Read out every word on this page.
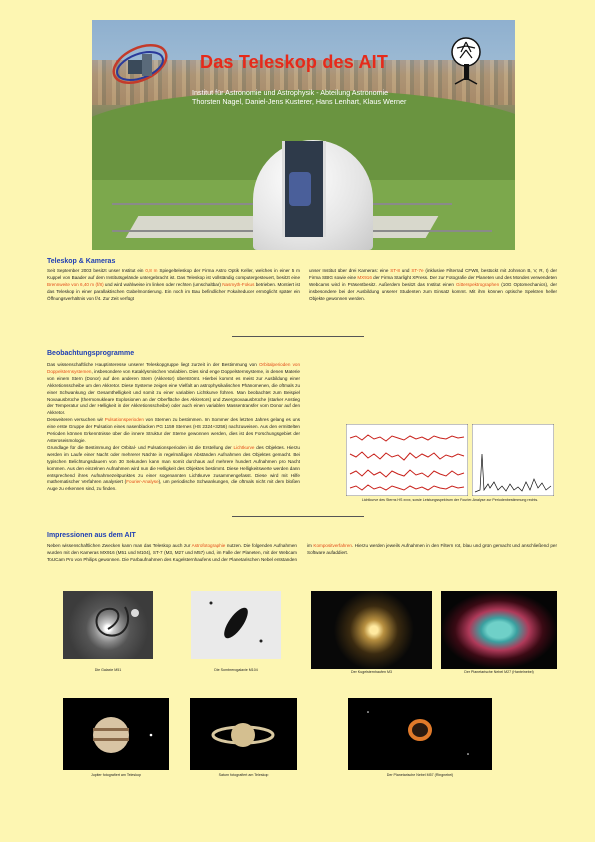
Das Teleskop des AIT
Institut für Astronomie und Astrophysik - Abteilung Astronomie
Thorsten Nagel, Daniel-Jens Kusterer, Hans Lenhart, Klaus Werner
Teleskop & Kameras
Seit September 2003 besitzt unser Institut ein 0,8 m Spiegelteleskop der Firma Astro Optik Keller, welches in einer 5 m Kuppel von Baader auf dem Institutsgelände untergebracht ist. Das Teleskop ist vollständig computergesteuert, besitzt eine Brennweite von 6,40 m (f/8) und wird wahlweise im linken oder rechten (umschaltbar) Nasmyth-Fokus betrieben. Montiert ist das Teleskop in einer parallaktischen Gabelmontierung. Ein noch im Bau befindlicher Fokalreducer ermöglicht später ein Öffnungsverhältnis von f/4. Zur Zeit verfügt
unser Institut über drei Kameras: eine ST-8 und ST-7e (inklusive Filterrad CFW8, bestückt mit Johnson B, V, R, I) der Firma SBIG sowie eine MX916 der Firma Starlight XPress. Der zur Fotografie der Planeten und des Mondes verwendeten Webcams wird in Präsentbesitz. Außerdem besitzt das Institut einen Gitterspektrographen (10G Optomechanics), der insbesondere bei der Ausbildung unserer Studenten zum Einsatz kommt. Mit ihm können optische Spektren heller Objekte gewonnen werden.
Beobachtungsprogramme
Das wissenschaftliche Hauptinteresse unserer Teleskopgruppe liegt zurzeit in der Bestimmung von Orbitalperioden von Doppelsternsystemen, insbesondere von Kataklysmischen Variablen. Dies sind enge Doppelsternsysteme, in denen Materie von einem Stern (Donor) auf den anderen Stern (Akkretor) überströmt. Hierbei kommt es meist zur Ausbildung einer Akkretionsscheibe um den Akkretor. Diese Systeme zeigen eine Vielfalt an astrophysikalischen Phänomenen, die oftmals zu einer Schwankung der Gesamthelligkeit und somit zu einer variablen Lichtkurve führen. Man beobachtet zum Beispiel Novaausbrüche (thermonukleare Explosionen an der Oberfläche des Akkretors) und Zwergnovaausbrüche (starker Anstieg der Temperatur und der Helligkeit in der Akkretionsscheibe) oder auch einen variablen Massentransfer vom Donor auf den Akkretor.
Desweiteren versuchen wir Pulsationsperioden von Sternen zu bestimmen. Im Sommer des letzten Jahres gelang es uns eine erste Gruppe der Pulsation eines nasenblacken PG 1159 Sternes (HS 2324+3256) nachzuweisen. Aus den ermittelten Perioden können Erkenntnisse über die innere Struktur der Sterne gewonnen werden, dies ist des Forschungsgebiet der Asteroseismologie.
Grundlage für die Bestimmung der Orbital- und Pulsationsperioden ist die Erstellung der Lichtkurve des Objektes. Hierzu werden im Laufe einer Nacht oder mehrerer Nächte in regelmäßigen Abständen Aufnahmen des Objektes gemacht. Bei typischen Belichtungsdauern von 30 Sekunden kann man somit durchaus auf mehrere hundert Aufnahmen pro Nacht kommen. Aus den einzelnen Aufnahmen wird nun die Helligkeit des Objektes bestimmt. Diese Helligkeitswerte werden dann entsprechend ihres Aufnahmezeitpunktes zu einer sogenannten Lichtkurve zusammengefasst. Diese wird mit Hilfe mathematischer Verfahren analysiert (Fourier-Analyse), um periodische Schwankungen, die oftmals nicht mit dem bloßen Auge zu erkennen sind, zu finden.
Lichtkurve des Sterns HS xxxx, sowie Leistungsspektrum der Fourier-Analyse zur Periodenbestimmung rechts.
Impressionen aus dem AIT
Neben wissenschaftlichen Zwecken kann man das Teleskop auch zur Astrofotographie nutzen. Die folgenden Aufnahmen wurden mit den Kameras MX916 (M51 und M104), ST-7 (M3, M27 und M57) und, im Falle der Planeten, mit der Webcam ToUCam Pro von Philips gewonnen. Die Farbaufnahmen des Kugelsternhaufens und der Planetarischen Nebel entstanden im Kompositverfahren. Hierzu werden jeweils Aufnahmen in den Filtern rot, blau und grün gemacht und anschließend per Software aufaddiert.
Die Galaxie M51	Die Sombrerogalaxie M104	Der Kugelsternhaufen M3	Der Planetarische Nebel M27 (Hantelnebel)
Jupiter fotografiert am Teleskop	Saturn fotografiert am Teleskop	Der Planetarische Nebel M57 (Ringnebel)
